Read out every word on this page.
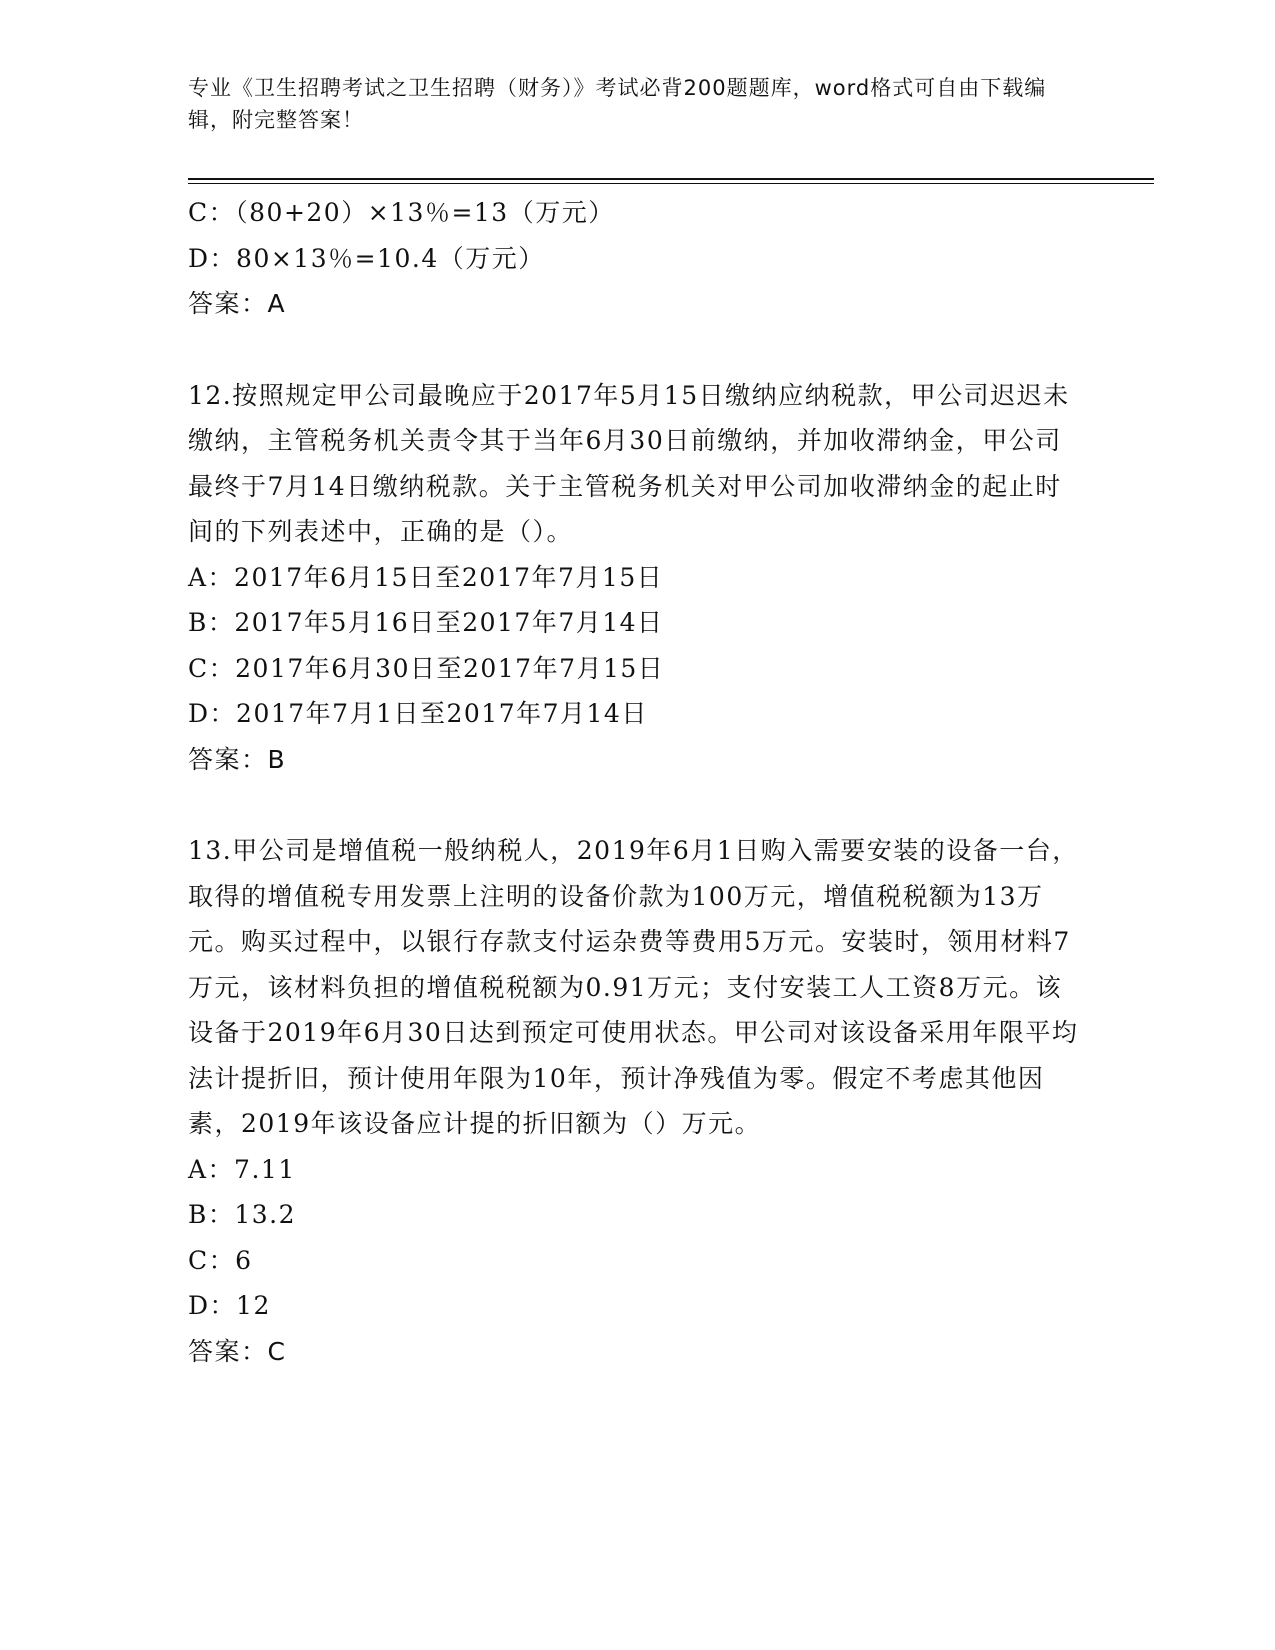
专业《卫生招聘考试之卫生招聘（财务）》考试必背200题题库，word格式可自由下载编辑，附完整答案！
C：（80+20）×13％=13（万元）
D：80×13％=10.4（万元）
答案：A
12.按照规定甲公司最晚应于2017年5月15日缴纳应纳税款，甲公司迟迟未缴纳，主管税务机关责令其于当年6月30日前缴纳，并加收滞纳金，甲公司最终于7月14日缴纳税款。关于主管税务机关对甲公司加收滞纳金的起止时间的下列表述中，正确的是（）。
A：2017年6月15日至2017年7月15日
B：2017年5月16日至2017年7月14日
C：2017年6月30日至2017年7月15日
D：2017年7月1日至2017年7月14日
答案：B
13.甲公司是增值税一般纳税人，2019年6月1日购入需要安装的设备一台，取得的增值税专用发票上注明的设备价款为100万元，增值税税额为13万元。购买过程中，以银行存款支付运杂费等费用5万元。安装时，领用材料7万元，该材料负担的增值税税额为0.91万元；支付安装工人工资8万元。该设备于2019年6月30日达到预定可使用状态。甲公司对该设备采用年限平均法计提折旧，预计使用年限为10年，预计净残值为零。假定不考虑其他因素，2019年该设备应计提的折旧额为（）万元。
A：7.11
B：13.2
C：6
D：12
答案：C
